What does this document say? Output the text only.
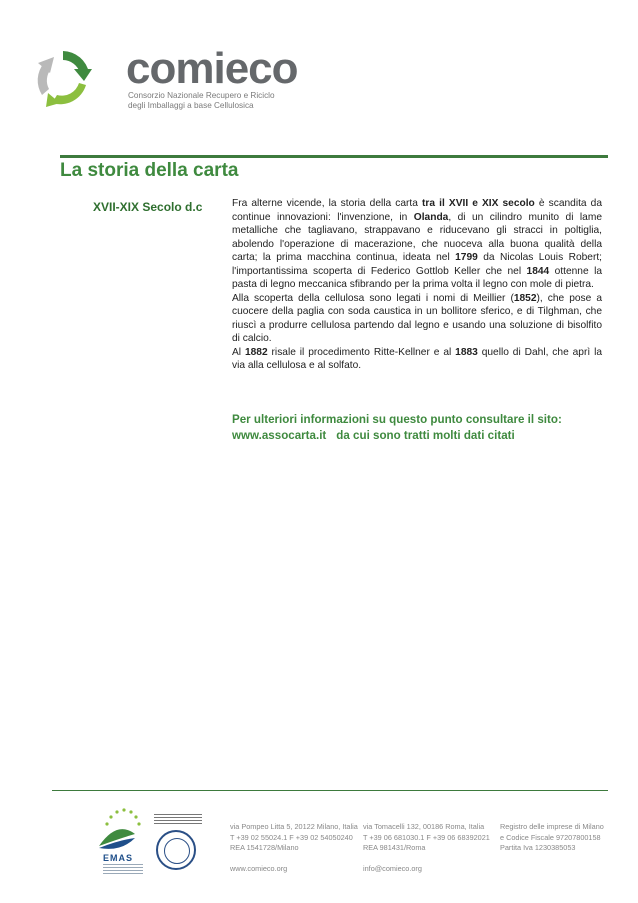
comieco
Consorzio Nazionale Recupero e Riciclo
degli Imballaggi a base Cellulosica
La storia della carta
XVII-XIX Secolo d.c	Fra alterne vicende, la storia della carta tra il XVII e XIX secolo è scandita da continue innovazioni: l'invenzione, in Olanda, di un cilindro munito di lame metalliche che tagliavano, strappavano e riducevano gli stracci in poltiglia, abolendo l'operazione di macerazione, che nuoceva alla buona qualità della carta; la prima macchina continua, ideata nel 1799 da Nicolas Louis Robert; l'importantissima scoperta di Federico Gottlob Keller che nel 1844 ottenne la pasta di legno meccanica sfibrando per la prima volta il legno con mole di pietra.

Alla scoperta della cellulosa sono legati i nomi di Meillier (1852), che pose a cuocere della paglia con soda caustica in un bollitore sferico, e di Tilghman, che riuscì a produrre cellulosa partendo dal legno e usando una soluzione di bisolfito di calcio.

Al 1882 risale il procedimento Ritte-Kellner e al 1883 quello di Dahl, che aprì la via alla cellulosa e al solfato.

Per ulteriori informazioni su questo punto consultare il sito:
www.assocarta.it da cui sono tratti molti dati citati
EMAS
via Pompeo Litta 5, 20122 Milano, Italia
T +39 02 55024.1 F +39 02 54050240
REA 1541728/Milano
www.comieco.org
via Tomacelli 132, 00186 Roma, Italia
T +39 06 681030.1 F +39 06 68392021
REA 981431/Roma
info@comieco.org
Registro delle imprese di Milano
e Codice Fiscale 97207800158
Partita Iva 1230385053
